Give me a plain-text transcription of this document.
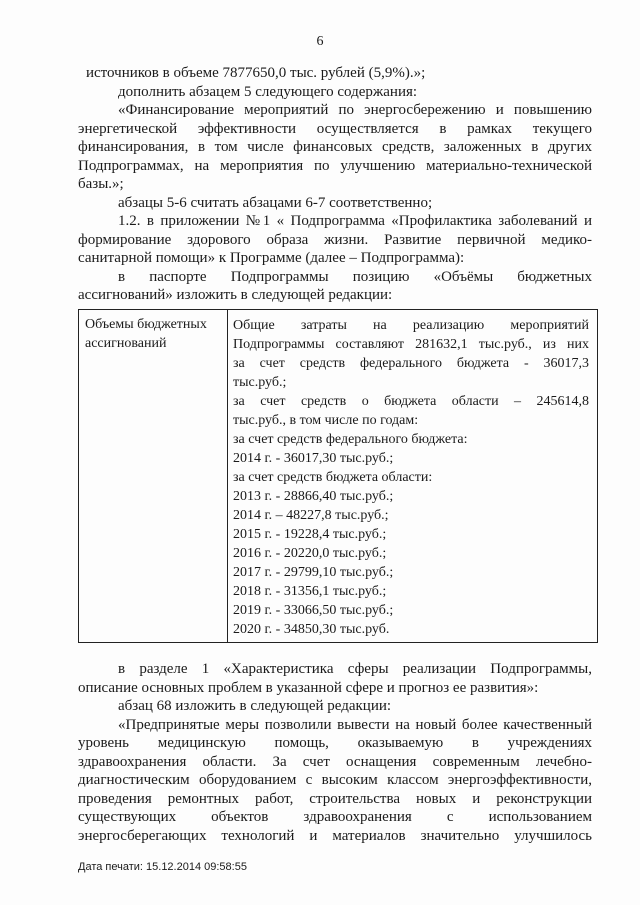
6
источников в объеме 7877650,0 тыс. рублей (5,9%).»;
дополнить абзацем 5 следующего содержания:
«Финансирование мероприятий по энергосбережению и повышению
энергетической эффективности осуществляется в рамках текущего
финансирования, в том числе финансовых средств, заложенных в других
Подпрограммах, на мероприятия по улучшению материально-технической
базы.»;
абзацы 5-6 считать абзацами 6-7 соответственно;
1.2. в приложении №1 « Подпрограмма «Профилактика заболеваний и
формирование здорового образа жизни. Развитие первичной медико-
санитарной помощи» к Программе (далее – Подпрограмма):
в паспорте Подпрограммы позицию «Объёмы бюджетных
ассигнований» изложить в следующей редакции:
Объемы бюджетных
ассигнований
Общие затраты на реализацию мероприятий
Подпрограммы составляют 281632,1 тыс.руб., из них
за счет средств федерального бюджета - 36017,3
тыс.руб.;
за счет средств о бюджета области – 245614,8
тыс.руб., в том числе по годам:
за счет средств федерального бюджета:
2014 г. - 36017,30 тыс.руб.;
за счет средств бюджета области:
2013 г. - 28866,40 тыс.руб.;
2014 г. – 48227,8 тыс.руб.;
2015 г. - 19228,4 тыс.руб.;
2016 г. - 20220,0 тыс.руб.;
2017 г. - 29799,10 тыс.руб.;
2018 г. - 31356,1 тыс.руб.;
2019 г. - 33066,50 тыс.руб.;
2020 г. - 34850,30 тыс.руб.
в разделе 1 «Характеристика сферы реализации Подпрограммы,
описание основных проблем в указанной сфере и прогноз ее развития»:
абзац 68 изложить в следующей редакции:
«Предпринятые меры позволили вывести на новый более качественный
уровень медицинскую помощь, оказываемую в учреждениях
здравоохранения области. За счет оснащения современным лечебно-
диагностическим оборудованием с высоким классом энергоэффективности,
проведения ремонтных работ, строительства новых и реконструкции
существующих объектов здравоохранения с использованием
энергосберегающих технологий и материалов значительно улучшилось
Дата печати: 15.12.2014 09:58:55
